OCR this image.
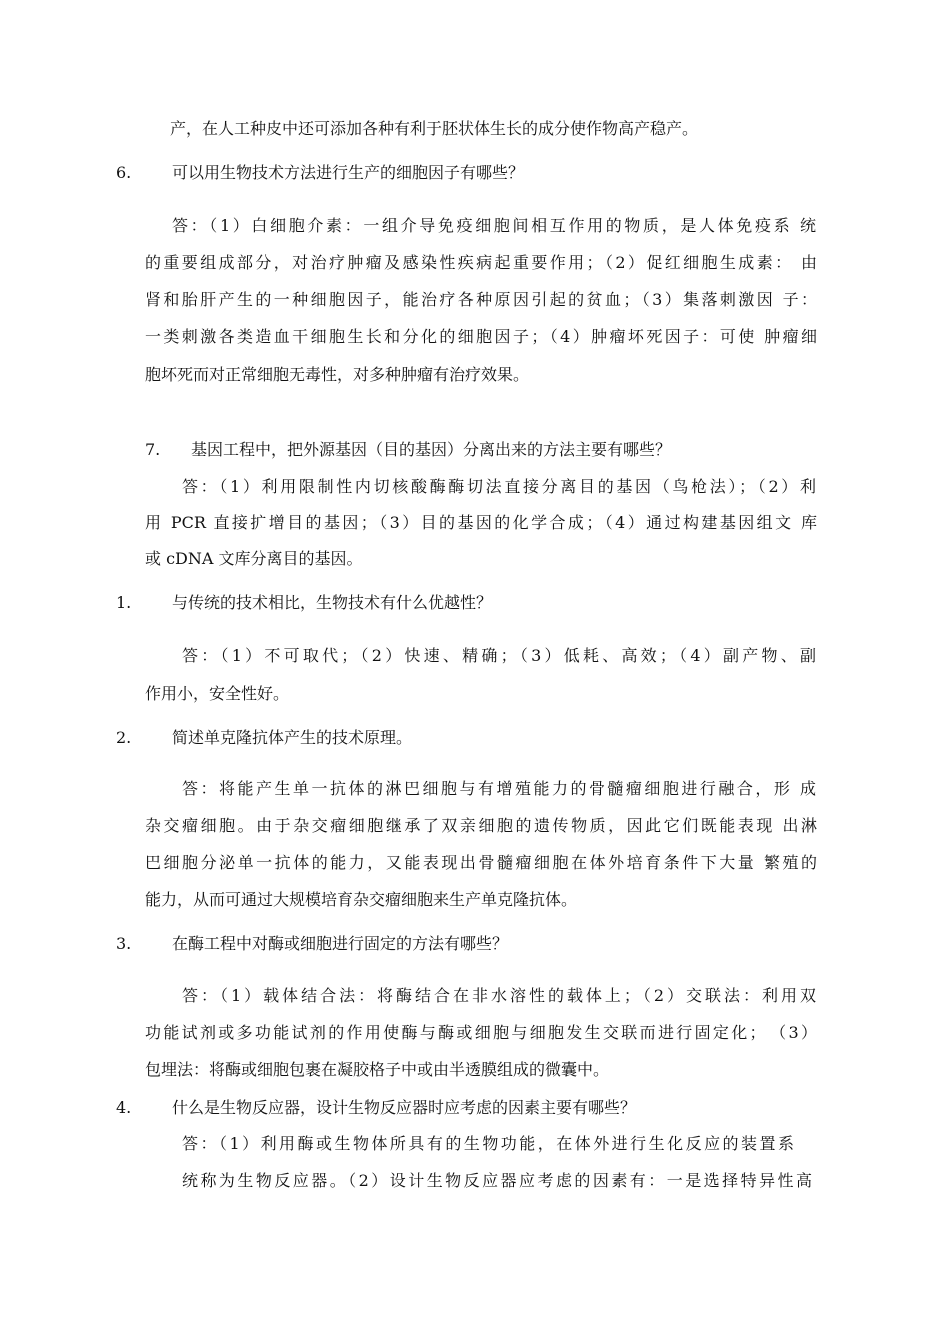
产，在人工种皮中还可添加各种有利于胚状体生长的成分使作物高产稳产。
6.	可以用生物技术方法进行生产的细胞因子有哪些？
答：（1）白细胞介素：一组介导免疫细胞间相互作用的物质，是人体免疫系 统
的重要组成部分，对治疗肿瘤及感染性疾病起重要作用；（2）促红细胞生成素： 由
肾和胎肝产生的一种细胞因子，能治疗各种原因引起的贫血；（3）集落刺激因 子：
一类刺激各类造血干细胞生长和分化的细胞因子；（4）肿瘤坏死因子：可使 肿瘤细
胞坏死而对正常细胞无毒性，对多种肿瘤有治疗效果。
7. 基因工程中，把外源基因（目的基因）分离出来的方法主要有哪些？
答：（1）利用限制性内切核酸酶酶切法直接分离目的基因（鸟枪法）；（2）利
用 PCR 直接扩增目的基因；（3）目的基因的化学合成；（4）通过构建基因组文 库
或 cDNA 文库分离目的基因。
1.	与传统的技术相比，生物技术有什么优越性？
答：（1）不可取代；（2）快速、精确；（3）低耗、高效；（4）副产物、副
作用小，安全性好。
2.	简述单克隆抗体产生的技术原理。
答：将能产生单一抗体的淋巴细胞与有增殖能力的骨髓瘤细胞进行融合，形 成
杂交瘤细胞。由于杂交瘤细胞继承了双亲细胞的遗传物质，因此它们既能表现 出淋
巴细胞分泌单一抗体的能力，又能表现出骨髓瘤细胞在体外培育条件下大量 繁殖的
能力，从而可通过大规模培育杂交瘤细胞来生产单克隆抗体。
3.	在酶工程中对酶或细胞进行固定的方法有哪些？
答：（1）载体结合法：将酶结合在非水溶性的载体上；（2）交联法：利用双
功能试剂或多功能试剂的作用使酶与酶或细胞与细胞发生交联而进行固定化；　（3）
包埋法：将酶或细胞包裹在凝胶格子中或由半透膜组成的微囊中。
4.	什么是生物反应器，设计生物反应器时应考虑的因素主要有哪些？
答：（1）利用酶或生物体所具有的生物功能，在体外进行生化反应的装置系
统称为生物反应器。（2）设计生物反应器应考虑的因素有：一是选择特异性高
